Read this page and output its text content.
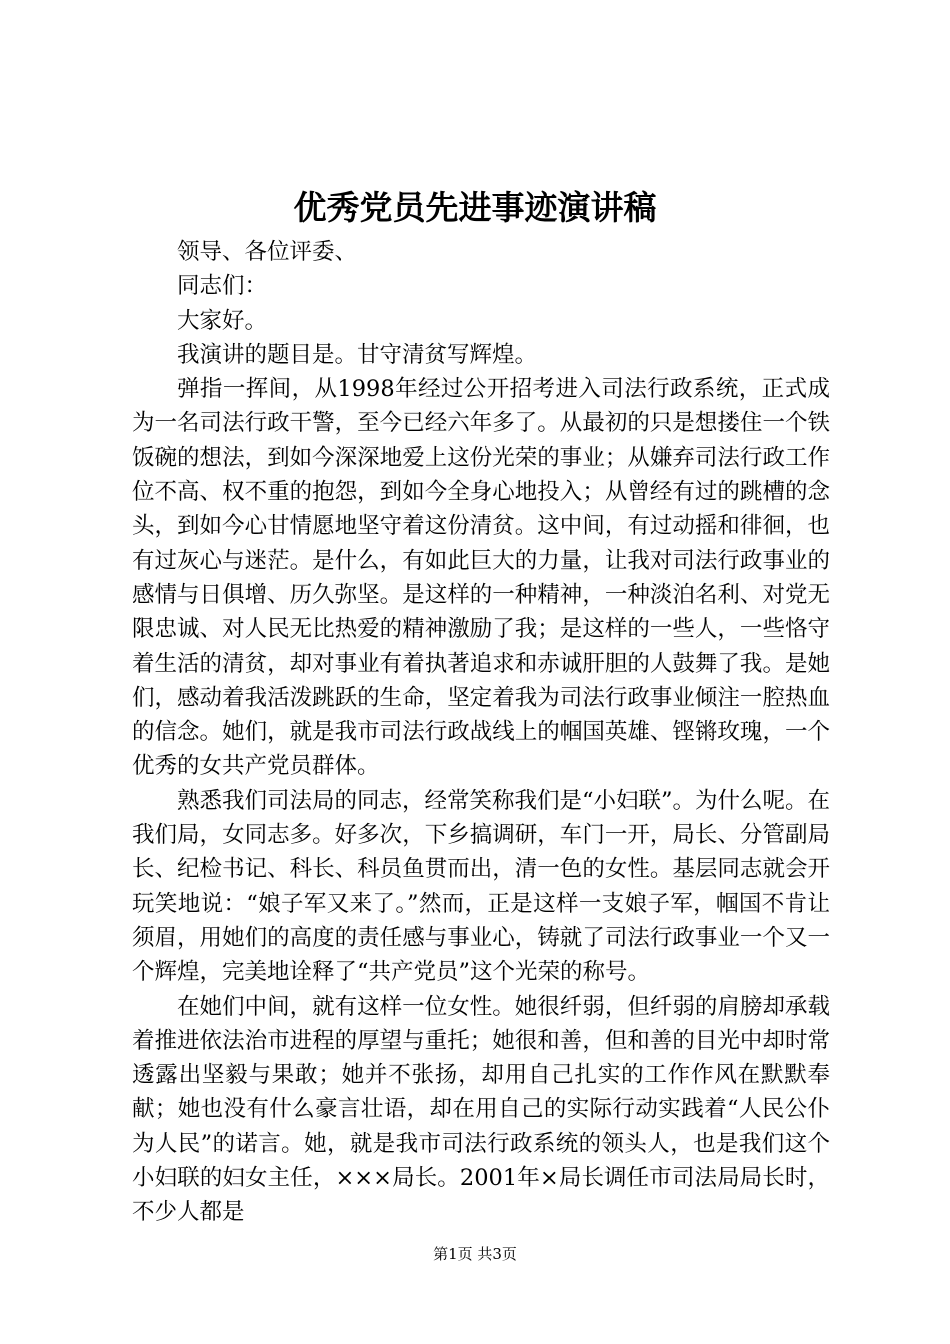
优秀党员先进事迹演讲稿

领导、各位评委、

同志们：

大家好。

我演讲的题目是。甘守清贫写辉煌。

弹指一挥间，从1998年经过公开招考进入司法行政系统，正式成为一名司法行政干警，至今已经六年多了。从最初的只是想搂住一个铁饭碗的想法，到如今深深地爱上这份光荣的事业；从嫌弃司法行政工作位不高、权不重的抱怨，到如今全身心地投入；从曾经有过的跳槽的念头，到如今心甘情愿地坚守着这份清贫。这中间，有过动摇和徘徊，也有过灰心与迷茫。是什么，有如此巨大的力量，让我对司法行政事业的感情与日俱增、历久弥坚。是这样的一种精神，一种淡泊名利、对党无限忠诚、对人民无比热爱的精神激励了我；是这样的一些人，一些恪守着生活的清贫，却对事业有着执著追求和赤诚肝胆的人鼓舞了我。是她们，感动着我活泼跳跃的生命，坚定着我为司法行政事业倾注一腔热血的信念。她们，就是我市司法行政战线上的帼国英雄、铿锵玫瑰，一个优秀的女共产党员群体。

熟悉我们司法局的同志，经常笑称我们是“小妇联”。为什么呢。在我们局，女同志多。好多次，下乡搞调研，车门一开，局长、分管副局长、纪检书记、科长、科员鱼贯而出，清一色的女性。基层同志就会开玩笑地说：“娘子军又来了。”然而，正是这样一支娘子军，帼国不肯让须眉，用她们的高度的责任感与事业心，铸就了司法行政事业一个又一个辉煌，完美地诠释了“共产党员”这个光荣的称号。

在她们中间，就有这样一位女性。她很纤弱，但纤弱的肩膀却承载着推进依法治市进程的厚望与重托；她很和善，但和善的目光中却时常透露出坚毅与果敢；她并不张扬，却用自己扎实的工作作风在默默奉献；她也没有什么豪言壮语，却在用自己的实际行动实践着“人民公仆为人民”的诺言。她，就是我市司法行政系统的领头人，也是我们这个小妇联的妇女主任，×××局长。2001年×局长调任市司法局局长时，不少人都是

第1页 共3页
